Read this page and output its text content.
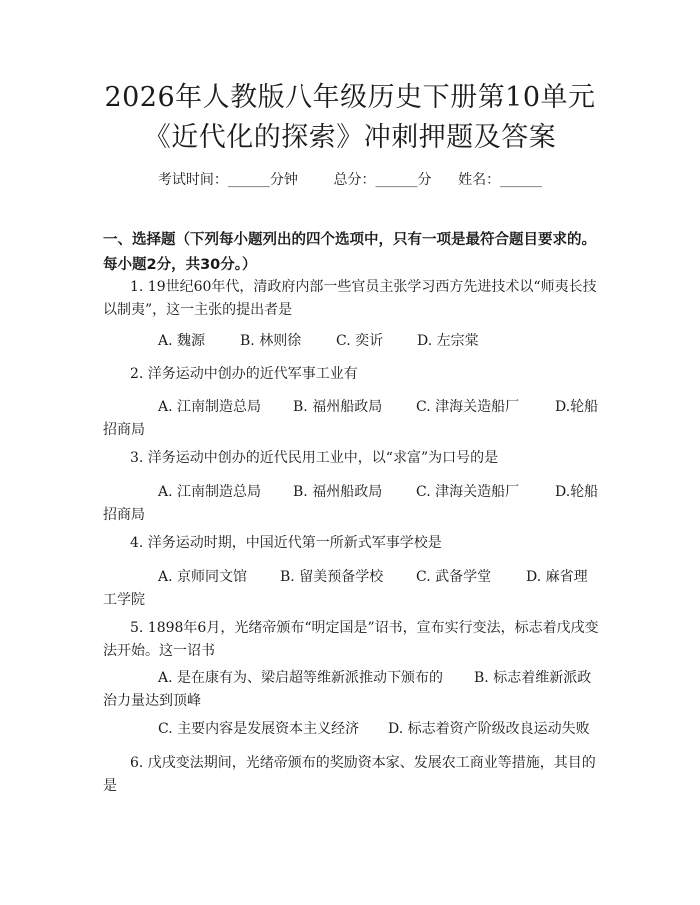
2026年人教版八年级历史下册第10单元
《近代化的探索》冲刺押题及答案
考试时间：______分钟	总分：______分 姓名：______
一、选择题（下列每小题列出的四个选项中，只有一项是最符合题目要求的。每小题2分，共30分。）
1. 19世纪60年代，清政府内部一些官员主张学习西方先进技术以“师夷长技以制夷”，这一主张的提出者是
A. 魏源 B. 林则徐 C. 奕䜣 D. 左宗棠
2. 洋务运动中创办的近代军事工业有
A. 江南制造总局 B. 福州船政局 C. 津海关造船厂	D.轮船
招商局
3. 洋务运动中创办的近代民用工业中，以“求富”为口号的是
A. 江南制造总局 B. 福州船政局 C. 津海关造船厂	D.轮船
招商局
4. 洋务运动时期，中国近代第一所新式军事学校是
A. 京师同文馆 B. 留美预备学校 C. 武备学堂 D. 麻省理
工学院
5. 1898年6月，光绪帝颁布“明定国是”诏书，宣布实行变法，标志着戊戌变法开始。这一诏书
A. 是在康有为、梁启超等维新派推动下颁布的 B. 标志着维新派政
治力量达到顶峰
C. 主要内容是发展资本主义经济 D. 标志着资产阶级改良运动失败
6. 戊戌变法期间，光绪帝颁布的奖励资本家、发展农工商业等措施，其目的是
